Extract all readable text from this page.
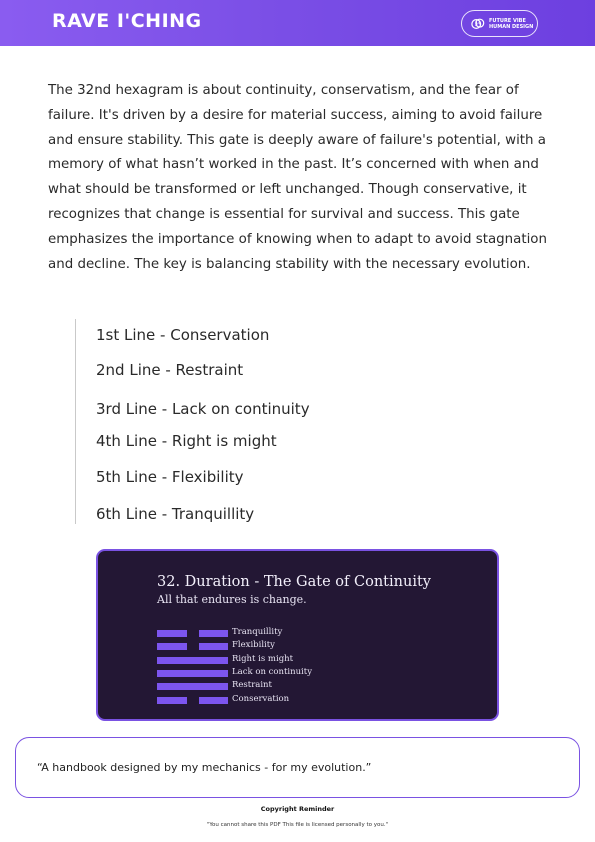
RAVE I'CHING	FUTURE VIBE
HUMAN DESIGN

The 32nd hexagram is about continuity, conservatism, and the fear of failure. It's driven by a desire for material success, aiming to avoid failure and ensure stability. This gate is deeply aware of failure's potential, with a memory of what hasn’t worked in the past. It’s concerned with when and what should be transformed or left unchanged. Though conservative, it recognizes that change is essential for survival and success. This gate emphasizes the importance of knowing when to adapt to avoid stagnation and decline. The key is balancing stability with the necessary evolution.

1st Line - Conservation
2nd Line - Restraint
3rd Line - Lack on continuity
4th Line - Right is might
5th Line - Flexibility
6th Line - Tranquillity
32. Duration - The Gate of Continuity
All that endures is change.
Tranquillity
Flexibility
Right is might
Lack on continuity
Restraint
Conservation
“A handbook designed by my mechanics - for my evolution.”
Copyright Reminder
"You cannot share this PDF This file is licensed personally to you."
